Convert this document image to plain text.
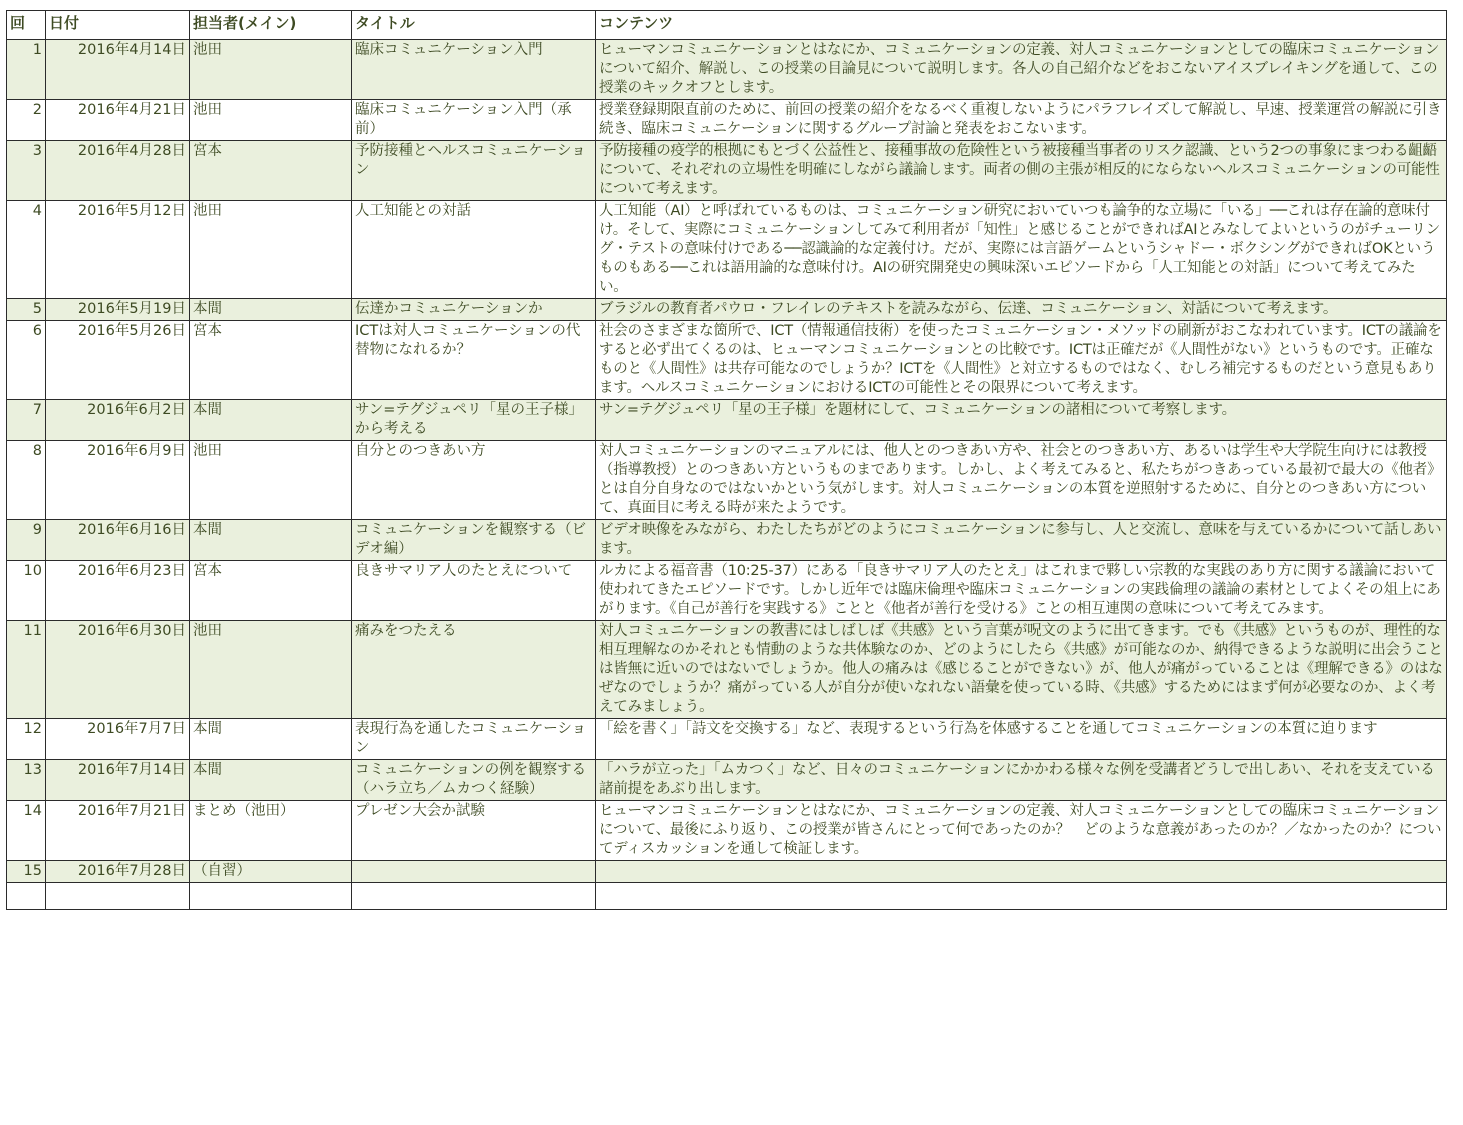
回	日付	担当者(メイン)	タイトル	コンテンツ
1	2016年4月14日	池田	臨床コミュニケーション入門	ヒューマンコミュニケーションとはなにか、コミュニケーションの定義、対人コミュニケーションとしての臨床コミュニケーションについて紹介、解説し、この授業の目論見について説明します。各人の自己紹介などをおこないアイスブレイキングを通して、この授業のキックオフとします。
2	2016年4月21日	池田	臨床コミュニケーション入門（承前）	授業登録期限直前のために、前回の授業の紹介をなるべく重複しないようにパラフレイズして解説し、早速、授業運営の解説に引き続き、臨床コミュニケーションに関するグループ討論と発表をおこないます。
3	2016年4月28日	宮本	予防接種とヘルスコミュニケーション	予防接種の疫学的根拠にもとづく公益性と、接種事故の危険性という被接種当事者のリスク認識、という2つの事象にまつわる齟齬について、それぞれの立場性を明確にしながら議論します。両者の側の主張が相反的にならないヘルスコミュニケーションの可能性について考えます。
4	2016年5月12日	池田	人工知能との対話	人工知能（AI）と呼ばれているものは、コミュニケーション研究においていつも論争的な立場に「いる」──これは存在論的意味付け。そして、実際にコミュニケーションしてみて利用者が「知性」と感じることができればAIとみなしてよいというのがチューリング・テストの意味付けである──認識論的な定義付け。だが、実際には言語ゲームというシャドー・ボクシングができればOKというものもある──これは語用論的な意味付け。AIの研究開発史の興味深いエピソードから「人工知能との対話」について考えてみたい。
5	2016年5月19日	本間	伝達かコミュニケーションか	ブラジルの教育者パウロ・フレイレのテキストを読みながら、伝達、コミュニケーション、対話について考えます。
6	2016年5月26日	宮本	ICTは対人コミュニケーションの代替物になれるか？	社会のさまざまな箇所で、ICT（情報通信技術）を使ったコミュニケーション・メソッドの刷新がおこなわれています。ICTの議論をすると必ず出てくるのは、ヒューマンコミュニケーションとの比較です。ICTは正確だが《人間性がない》というものです。正確なものと《人間性》は共存可能なのでしょうか？ICTを《人間性》と対立するものではなく、むしろ補完するものだという意見もあります。ヘルスコミュニケーションにおけるICTの可能性とその限界について考えます。
7	2016年6月2日	本間	サン=テグジュペリ「星の王子様」から考える	サン=テグジュペリ「星の王子様」を題材にして、コミュニケーションの諸相について考察します。
8	2016年6月9日	池田	自分とのつきあい方	対人コミュニケーションのマニュアルには、他人とのつきあい方や、社会とのつきあい方、あるいは学生や大学院生向けには教授（指導教授）とのつきあい方というものまであります。しかし、よく考えてみると、私たちがつきあっている最初で最大の《他者》とは自分自身なのではないかという気がします。対人コミュニケーションの本質を逆照射するために、自分とのつきあい方について、真面目に考える時が来たようです。
9	2016年6月16日	本間	コミュニケーションを観察する（ビデオ編）	ビデオ映像をみながら、わたしたちがどのようにコミュニケーションに参与し、人と交流し、意味を与えているかについて話しあいます。
10	2016年6月23日	宮本	良きサマリア人のたとえについて	ルカによる福音書（10:25-37）にある「良きサマリア人のたとえ」はこれまで夥しい宗教的な実践のあり方に関する議論において使われてきたエピソードです。しかし近年では臨床倫理や臨床コミュニケーションの実践倫理の議論の素材としてよくその俎上にあがります。《自己が善行を実践する》ことと《他者が善行を受ける》ことの相互連関の意味について考えてみます。
11	2016年6月30日	池田	痛みをつたえる	対人コミュニケーションの教書にはしばしば《共感》という言葉が呪文のように出てきます。でも《共感》というものが、理性的な相互理解なのかそれとも情動のような共体験なのか、どのようにしたら《共感》が可能なのか、納得できるような説明に出会うことは皆無に近いのではないでしょうか。他人の痛みは《感じることができない》が、他人が痛がっていることは《理解できる》のはなぜなのでしょうか？痛がっている人が自分が使いなれない語彙を使っている時、《共感》するためにはまず何が必要なのか、よく考えてみましょう。
12	2016年7月7日	本間	表現行為を通したコミュニケーション	「絵を書く」「詩文を交換する」など、表現するという行為を体感することを通してコミュニケーションの本質に迫ります
13	2016年7月14日	本間	コミュニケーションの例を観察する（ハラ立ち／ムカつく経験）	「ハラが立った」「ムカつく」など、日々のコミュニケーションにかかわる様々な例を受講者どうしで出しあい、それを支えている諸前提をあぶり出します。
14	2016年7月21日	まとめ（池田）	プレゼン大会か試験	ヒューマンコミュニケーションとはなにか、コミュニケーションの定義、対人コミュニケーションとしての臨床コミュニケーションについて、最後にふり返り、この授業が皆さんにとって何であったのか？　どのような意義があったのか？／なかったのか？についてディスカッションを通して検証します。
15	2016年7月28日	（自習）		
